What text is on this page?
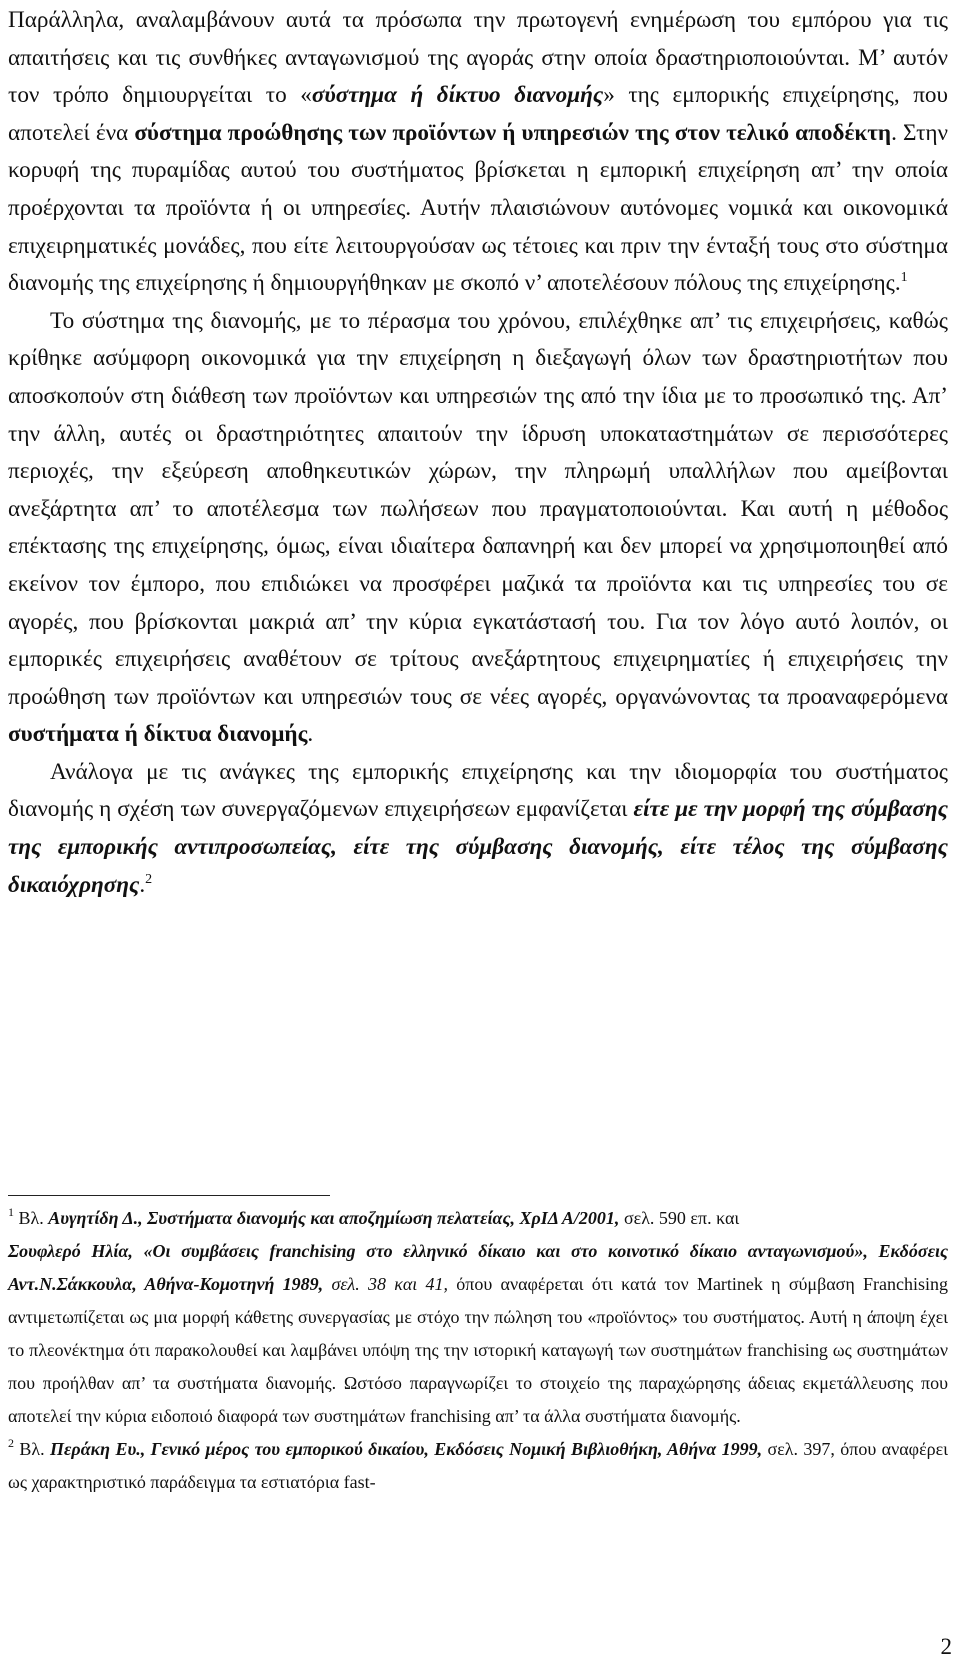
Παράλληλα, αναλαμβάνουν αυτά τα πρόσωπα την πρωτογενή ενημέρωση του εμπόρου για τις απαιτήσεις και τις συνθήκες ανταγωνισμού της αγοράς στην οποία δραστηριοποιούνται. Μ’ αυτόν τον τρόπο δημιουργείται το «σύστημα ή δίκτυο διανομής» της εμπορικής επιχείρησης, που αποτελεί ένα σύστημα προώθησης των προϊόντων ή υπηρεσιών της στον τελικό αποδέκτη. Στην κορυφή της πυραμίδας αυτού του συστήματος βρίσκεται η εμπορική επιχείρηση απ’ την οποία προέρχονται τα προϊόντα ή οι υπηρεσίες. Αυτήν πλαισιώνουν αυτόνομες νομικά και οικονομικά επιχειρηματικές μονάδες, που είτε λειτουργούσαν ως τέτοιες και πριν την ένταξή τους στο σύστημα διανομής της επιχείρησης ή δημιουργήθηκαν με σκοπό ν’ αποτελέσουν πόλους της επιχείρησης.$^1$

Το σύστημα της διανομής, με το πέρασμα του χρόνου, επιλέχθηκε απ’ τις επιχειρήσεις, καθώς κρίθηκε ασύμφορη οικονομικά για την επιχείρηση η διεξαγωγή όλων των δραστηριοτήτων που αποσκοπούν στη διάθεση των προϊόντων και υπηρεσιών της από την ίδια με το προσωπικό της. Απ’ την άλλη, αυτές οι δραστηριότητες απαιτούν την ίδρυση υποκαταστημάτων σε περισσότερες περιοχές, την εξεύρεση αποθηκευτικών χώρων, την πληρωμή υπαλλήλων που αμείβονται ανεξάρτητα απ’ το αποτέλεσμα των πωλήσεων που πραγματοποιούνται. Και αυτή η μέθοδος επέκτασης της επιχείρησης, όμως, είναι ιδιαίτερα δαπανηρή και δεν μπορεί να χρησιμοποιηθεί από εκείνον τον έμπορο, που επιδιώκει να προσφέρει μαζικά τα προϊόντα και τις υπηρεσίες του σε αγορές, που βρίσκονται μακριά απ’ την κύρια εγκατάστασή του. Για τον λόγο αυτό λοιπόν, οι εμπορικές επιχειρήσεις αναθέτουν σε τρίτους ανεξάρτητους επιχειρηματίες ή επιχειρήσεις την προώθηση των προϊόντων και υπηρεσιών τους σε νέες αγορές, οργανώνοντας τα προαναφερόμενα συστήματα ή δίκτυα διανομής.

Ανάλογα με τις ανάγκες της εμπορικής επιχείρησης και την ιδιομορφία του συστήματος διανομής η σχέση των συνεργαζόμενων επιχειρήσεων εμφανίζεται είτε με την μορφή της σύμβασης της εμπορικής αντιπροσωπείας, είτε της σύμβασης διανομής, είτε τέλος της σύμβασης δικαιόχρησης.$^2$

$^1$ Βλ. Αυγητίδη Δ., Συστήματα διανομής και αποζημίωση πελατείας, ΧρΙΔ Α/2001, σελ. 590 επ. και

Σουφλερό Ηλία, «Οι συμβάσεις franchising στο ελληνικό δίκαιο και στο κοινοτικό δίκαιο ανταγωνισμού», Εκδόσεις Αντ.Ν.Σάκκουλα, Αθήνα-Κομοτηνή 1989, σελ. 38 και 41, όπου αναφέρεται ότι κατά τον Martinek η σύμβαση Franchising αντιμετωπίζεται ως μια μορφή κάθετης συνεργασίας με στόχο την πώληση του «προϊόντος» του συστήματος. Αυτή η άποψη έχει το πλεονέκτημα ότι παρακολουθεί και λαμβάνει υπόψη της την ιστορική καταγωγή των συστημάτων franchising ως συστημάτων που προήλθαν απ’ τα συστήματα διανομής. Ωστόσο παραγνωρίζει το στοιχείο της παραχώρησης άδειας εκμετάλλευσης που αποτελεί την κύρια ειδοποιό διαφορά των συστημάτων franchising απ’ τα άλλα συστήματα διανομής.

$^2$ Βλ. Περάκη Ευ., Γενικό μέρος του εμπορικού δικαίου, Εκδόσεις Νομική Βιβλιοθήκη, Αθήνα 1999, σελ. 397, όπου αναφέρει ως χαρακτηριστικό παράδειγμα τα εστιατόρια fast-

2
